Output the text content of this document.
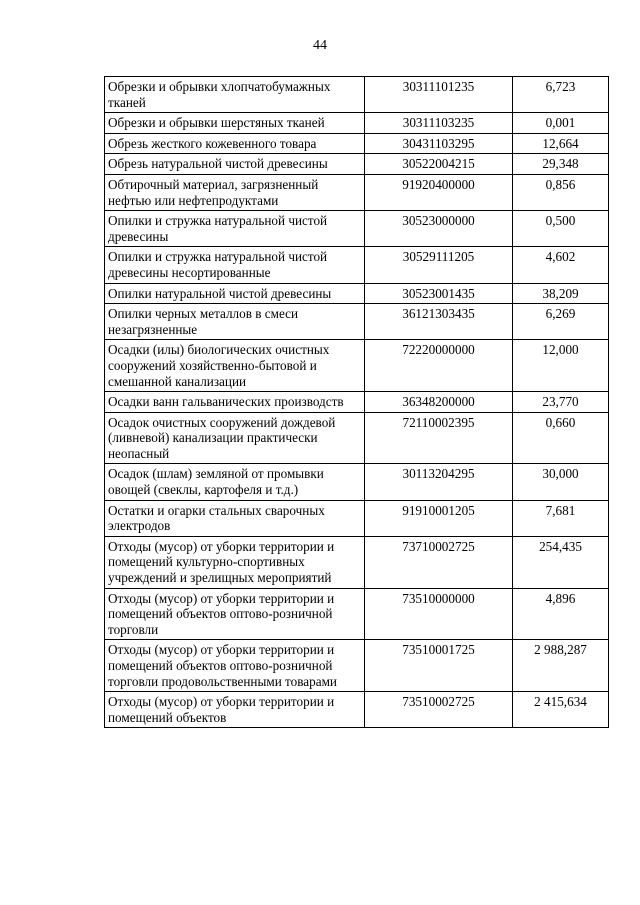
44
Обрезки и обрывки хлопчатобумажных тканей	30311101235	6,723
Обрезки и обрывки шерстяных тканей	30311103235	0,001
Обрезь жесткого кожевенного товара	30431103295	12,664
Обрезь натуральной чистой древесины	30522004215	29,348
Обтирочный материал, загрязненный нефтью или нефтепродуктами	91920400000	0,856
Опилки и стружка натуральной чистой древесины	30523000000	0,500
Опилки и стружка натуральной чистой древесины несортированные	30529111205	4,602
Опилки натуральной чистой древесины	30523001435	38,209
Опилки черных металлов в смеси незагрязненные	36121303435	6,269
Осадки (илы) биологических очистных сооружений хозяйственно-бытовой и смешанной канализации	72220000000	12,000
Осадки ванн гальванических производств	36348200000	23,770
Осадок очистных сооружений дождевой (ливневой) канализации практически неопасный	72110002395	0,660
Осадок (шлам) земляной от промывки овощей (свеклы, картофеля и т.д.)	30113204295	30,000
Остатки и огарки стальных сварочных электродов	91910001205	7,681
Отходы (мусор) от уборки территории и помещений культурно-спортивных учреждений и зрелищных мероприятий	73710002725	254,435
Отходы (мусор) от уборки территории и помещений объектов оптово-розничной торговли	73510000000	4,896
Отходы (мусор) от уборки территории и помещений объектов оптово-розничной торговли продовольственными товарами	73510001725	2 988,287
Отходы (мусор) от уборки территории и помещений объектов	73510002725	2 415,634
